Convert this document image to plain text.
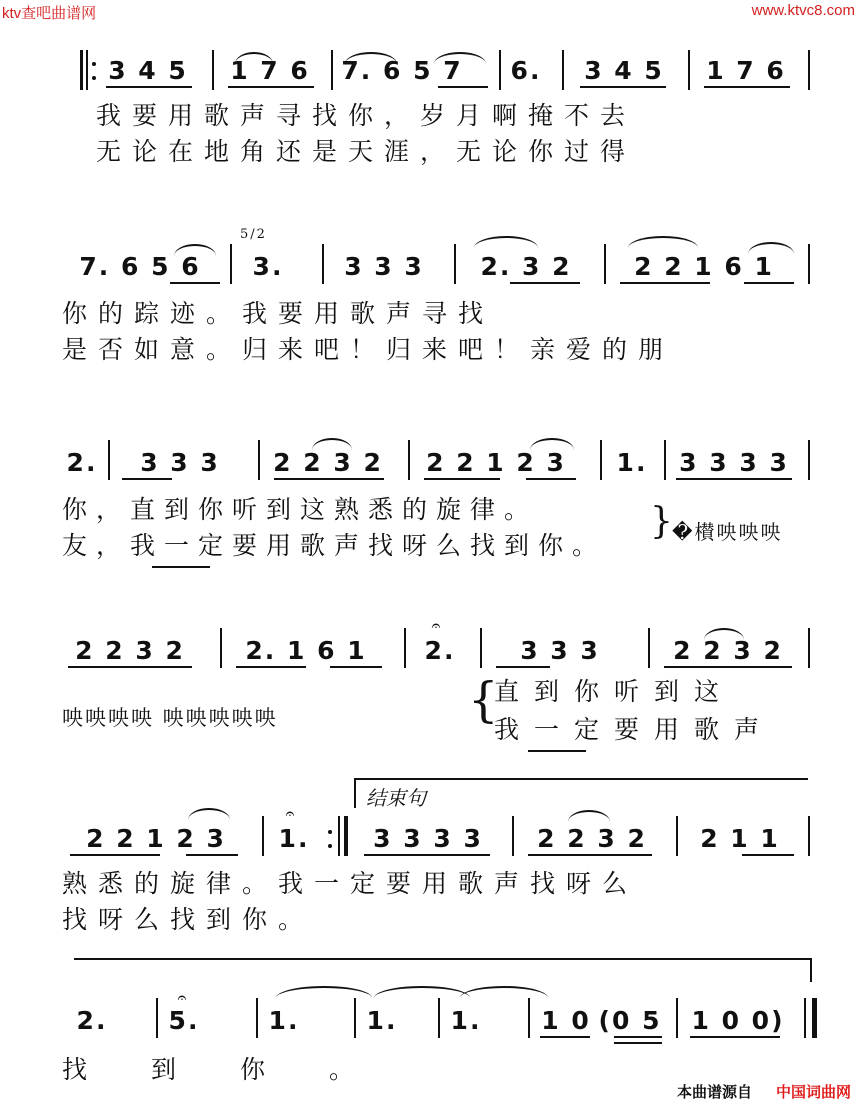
ktv查吧曲谱网	www.ktvc8.com
3 4 5 1 7 6 7. 6 5 7 6. 3 4 5 1 7 6
我要用歌声寻找你，岁月啊掩不去
无论在地角还是天涯，无论你过得
7. 6 5 6
5/2
3. 3 3 3 2. 3 2	2 2 1 6 1
你的踪迹。我要用歌声寻找
是否如意。归来吧！归来吧！亲爱的朋
2. 3 3 3 2 2 3 2 2 2 1 2 3 1. 3 3 3 3
你，直到你听到这熟悉的旋律。
友，我一定要用歌声找呀么找到你。
} �櫕咉咉咉
2 2 3 2 2. 1 6 1
𝄐
2.	3 3 3	2 2 3 2
咉咉咉咉 咉咉咉咉咉	{
直到你听到这
我一定要用歌声
结束句
2 2 1 2 3
𝄐
1.	3 3 3 3 2 2 3 2 2 1 1
熟悉的旋律。我一定要用歌声找呀么
找呀么找到你。
2.
𝄐
5.	1.	1. 1. 1 0 (0 5 1 0 0)
找到你。
本曲谱源自 中国词曲网
